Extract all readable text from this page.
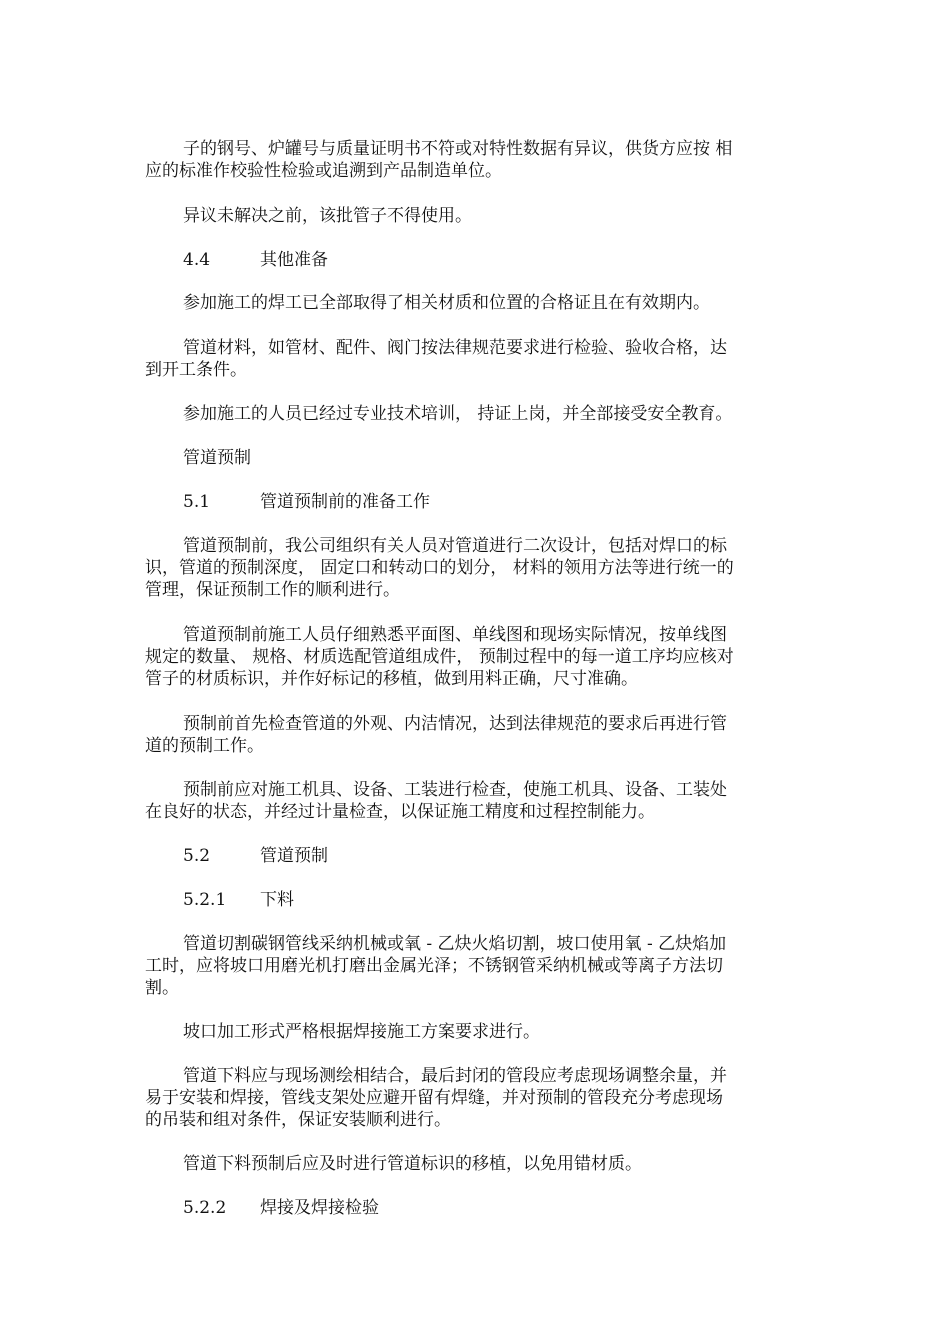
子的钢号、炉罐号与质量证明书不符或对特性数据有异议，供货方应按 相
应的标准作校验性检验或追溯到产品制造单位。

异议未解决之前，该批管子不得使用。

4.4	其他准备

参加施工的焊工已全部取得了相关材质和位置的合格证且在有效期内。

管道材料，如管材、配件、阀门按法律规范要求进行检验、验收合格，达
到开工条件。

参加施工的人员已经过专业技术培训， 持证上岗，并全部接受安全教育。

管道预制

5.1	管道预制前的准备工作

管道预制前，我公司组织有关人员对管道进行二次设计，包括对焊口的标
识，管道的预制深度， 固定口和转动口的划分， 材料的领用方法等进行统一的
管理，保证预制工作的顺利进行。

管道预制前施工人员仔细熟悉平面图、单线图和现场实际情况，按单线图
规定的数量、 规格、材质选配管道组成件， 预制过程中的每一道工序均应核对
管子的材质标识，并作好标记的移植，做到用料正确，尺寸准确。

预制前首先检查管道的外观、内洁情况，达到法律规范的要求后再进行管
道的预制工作。

预制前应对施工机具、设备、工装进行检查，使施工机具、设备、工装处
在良好的状态，并经过计量检查，以保证施工精度和过程控制能力。

5.2	管道预制
5.2.1 下料

管道切割碳钢管线采纳机械或氧 - 乙炔火焰切割，坡口使用氧 - 乙炔焰加
工时，应将坡口用磨光机打磨出金属光泽；不锈钢管采纳机械或等离子方法切
割。

坡口加工形式严格根据焊接施工方案要求进行。

管道下料应与现场测绘相结合，最后封闭的管段应考虑现场调整余量，并
易于安装和焊接，管线支架处应避开留有焊缝，并对预制的管段充分考虑现场
的吊装和组对条件，保证安装顺利进行。

管道下料预制后应及时进行管道标识的移植，以免用错材质。

5.2.2 焊接及焊接检验
